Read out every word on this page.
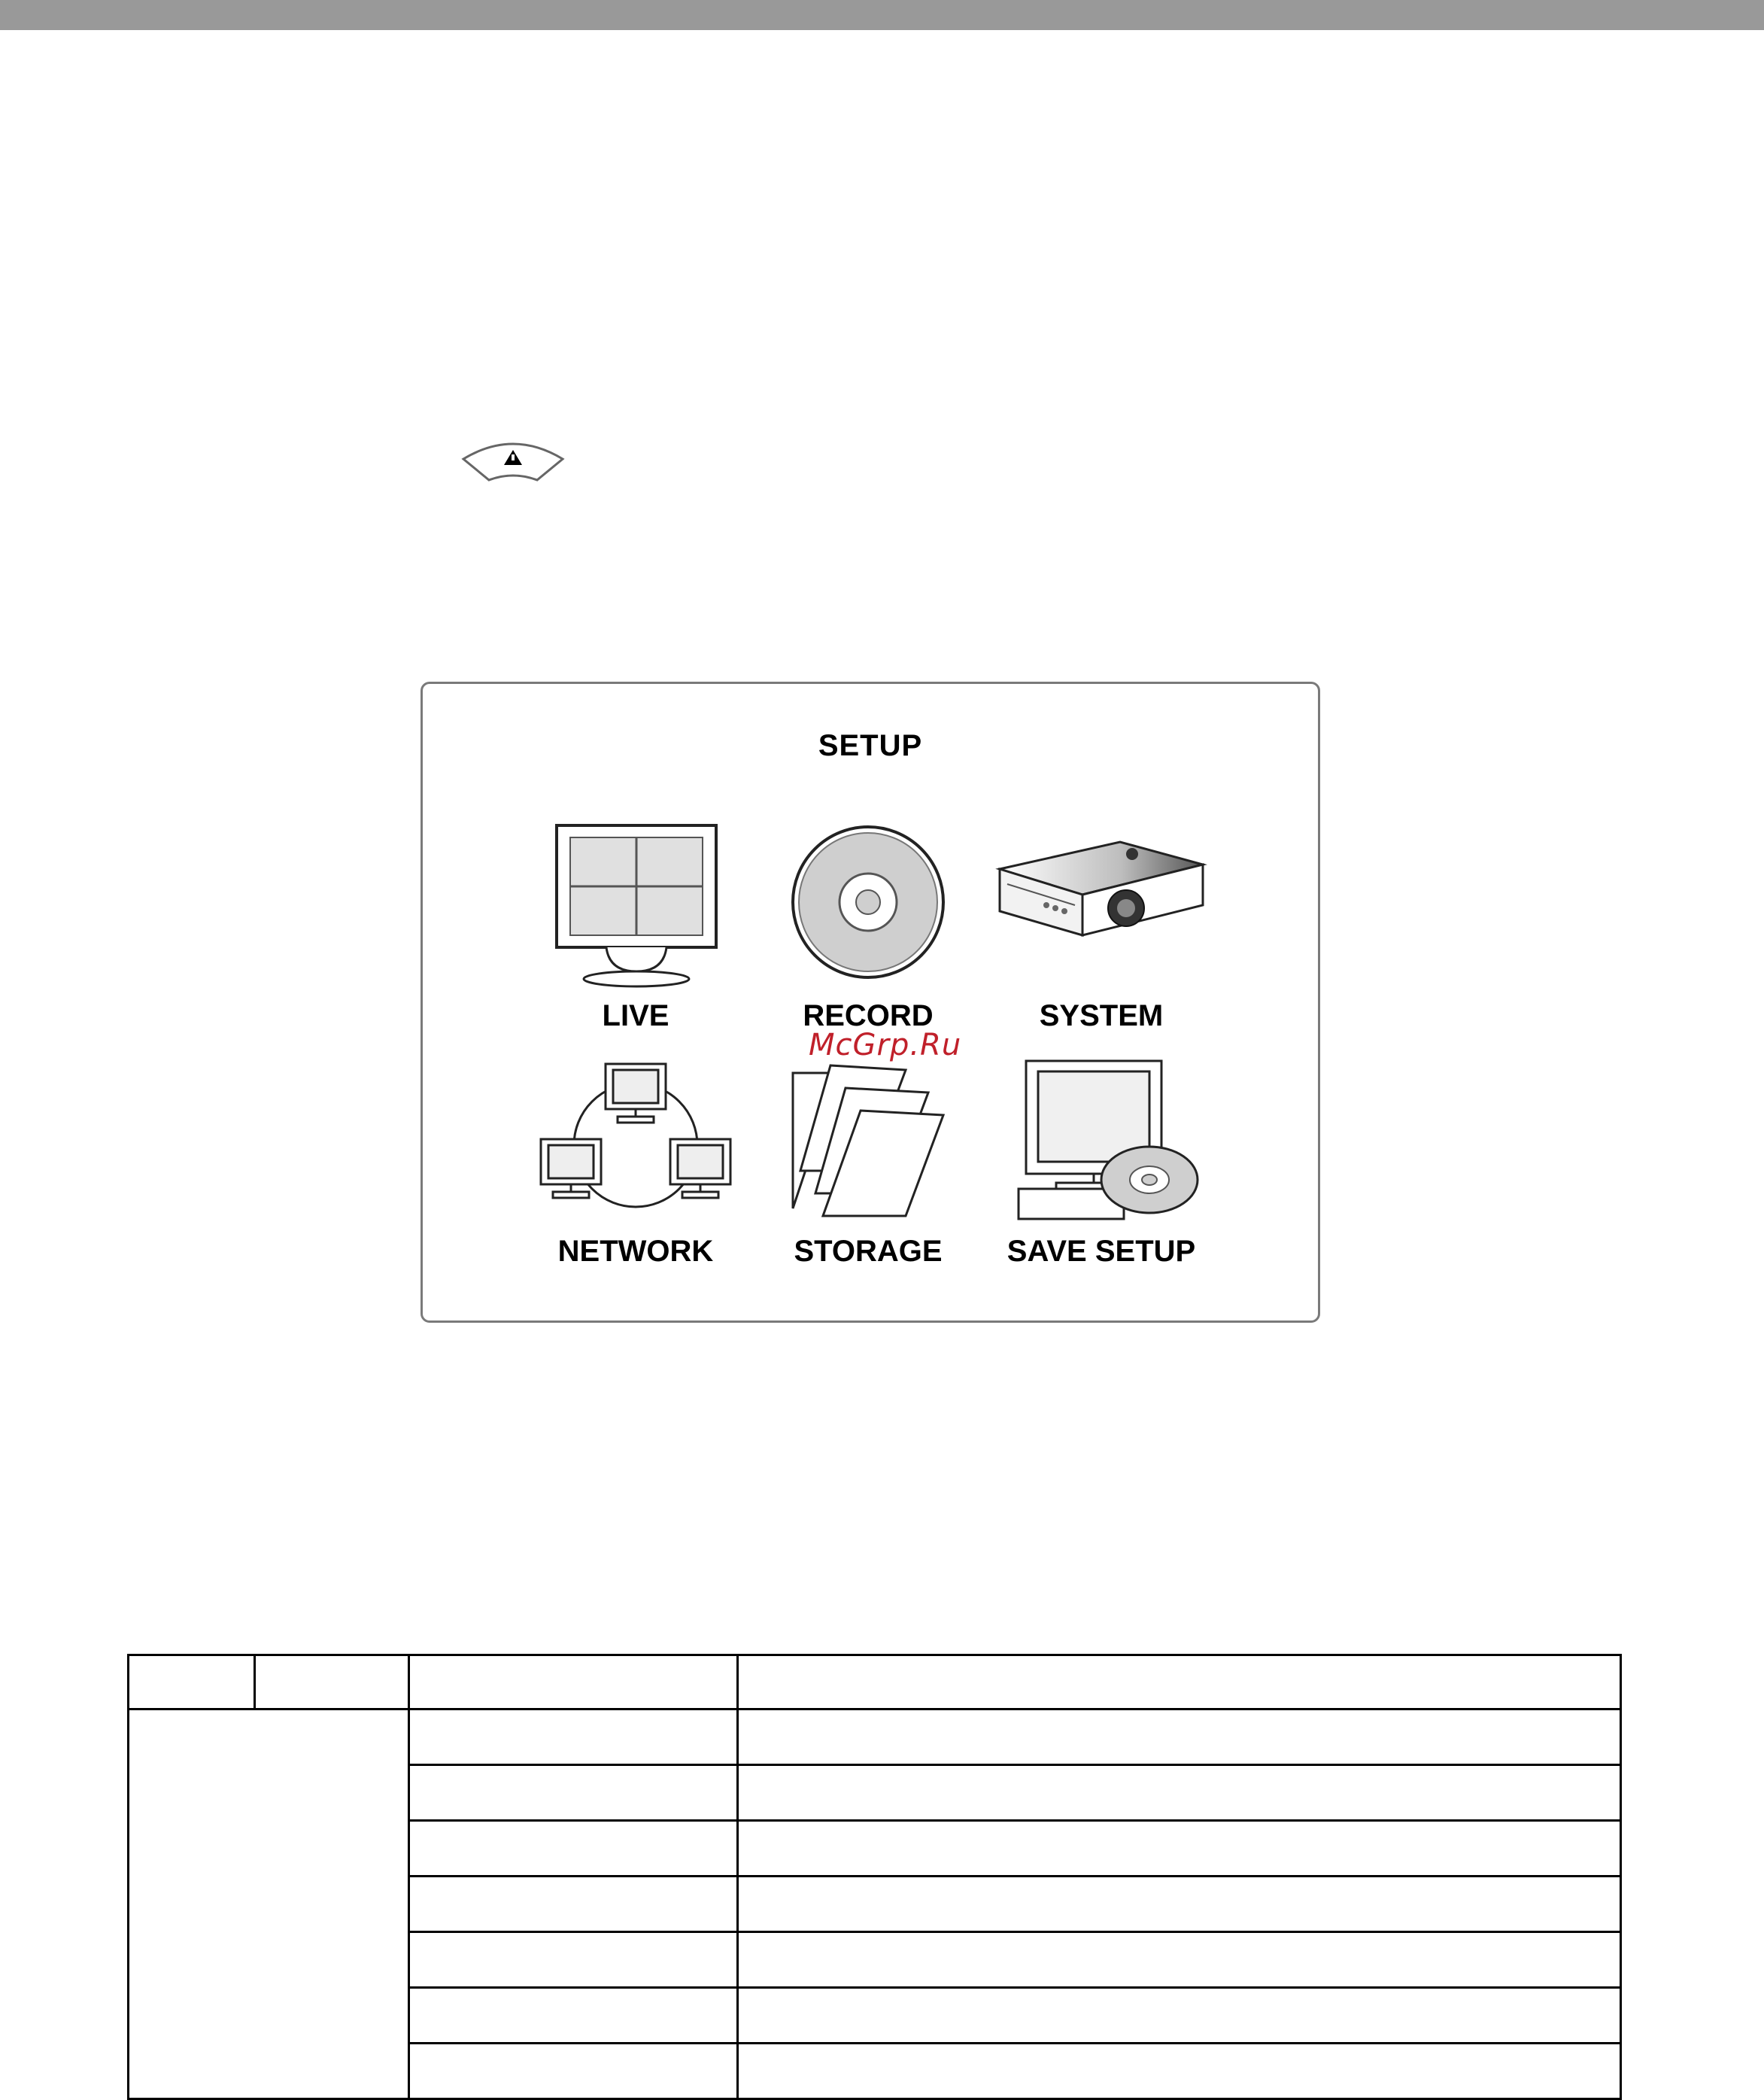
SETUP
LIVE	RECORD	SYSTEM
NETWORK	STORAGE	SAVE SETUP
McGrp.Ru
